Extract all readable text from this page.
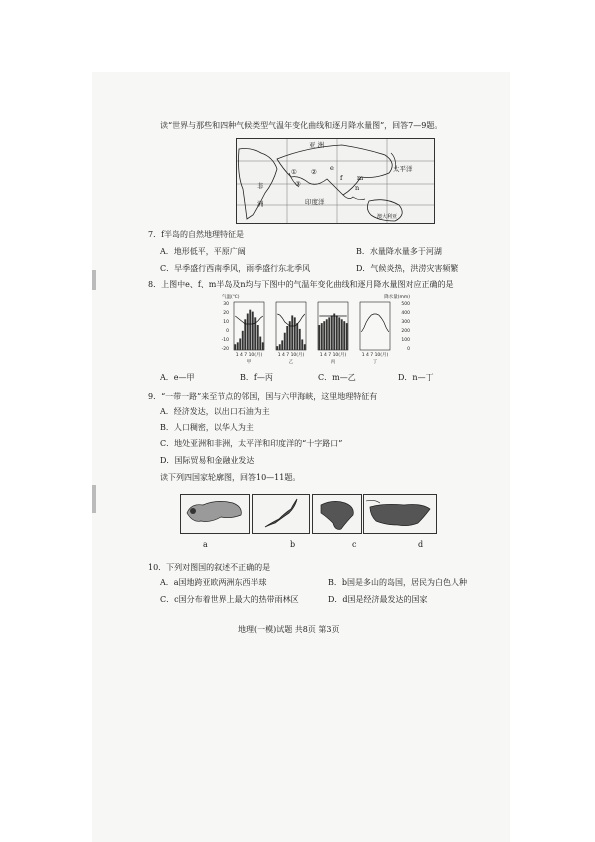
读“世界与那些和四种气候类型气温年变化曲线和逐月降水量图”，回答7—9题。
亚 洲
非
洲
太平洋
印度洋
澳大利亚
① ②
③
e
f m
n
7．f半岛的自然地理特征是
A．地形低平，平原广阔	B．水量降水量多于河湖
C．早季盛行西南季风，雨季盛行东北季风	D．气候炎热，洪涝灾害频繁
8．上图中e、f、m半岛及n均与下图中的气温年变化曲线和逐月降水量图对应正确的是
气温(℃)	降水量(mm)
30
20
10
0
-10
-20
500
400
300
200
100
0
1 4 7 10(月)
甲
1 4 7 10(月)
乙
1 4 7 10(月)
丙
1 4 7 10(月)
丁
A．e—甲	B．f—丙	C．m—乙	D．n—丁
9．“一带一路”来至节点的邻国，国与六甲海峡，这里地理特征有
A．经济发达，以出口石油为主
B．人口稠密，以华人为主
C．地处亚洲和非洲，太平洋和印度洋的“十字路口”
D．国际贸易和金融业发达
读下列四国家轮廓图，回答10—11题。
a	b	c	d
10．下列对图国的叙述不正确的是
A．a国地跨亚欧两洲东西半球	B．b国是多山的岛国，居民为白色人种
C．c国分布着世界上最大的热带雨林区	D．d国是经济最发达的国家
地理(一模)试题 共8页 第3页
